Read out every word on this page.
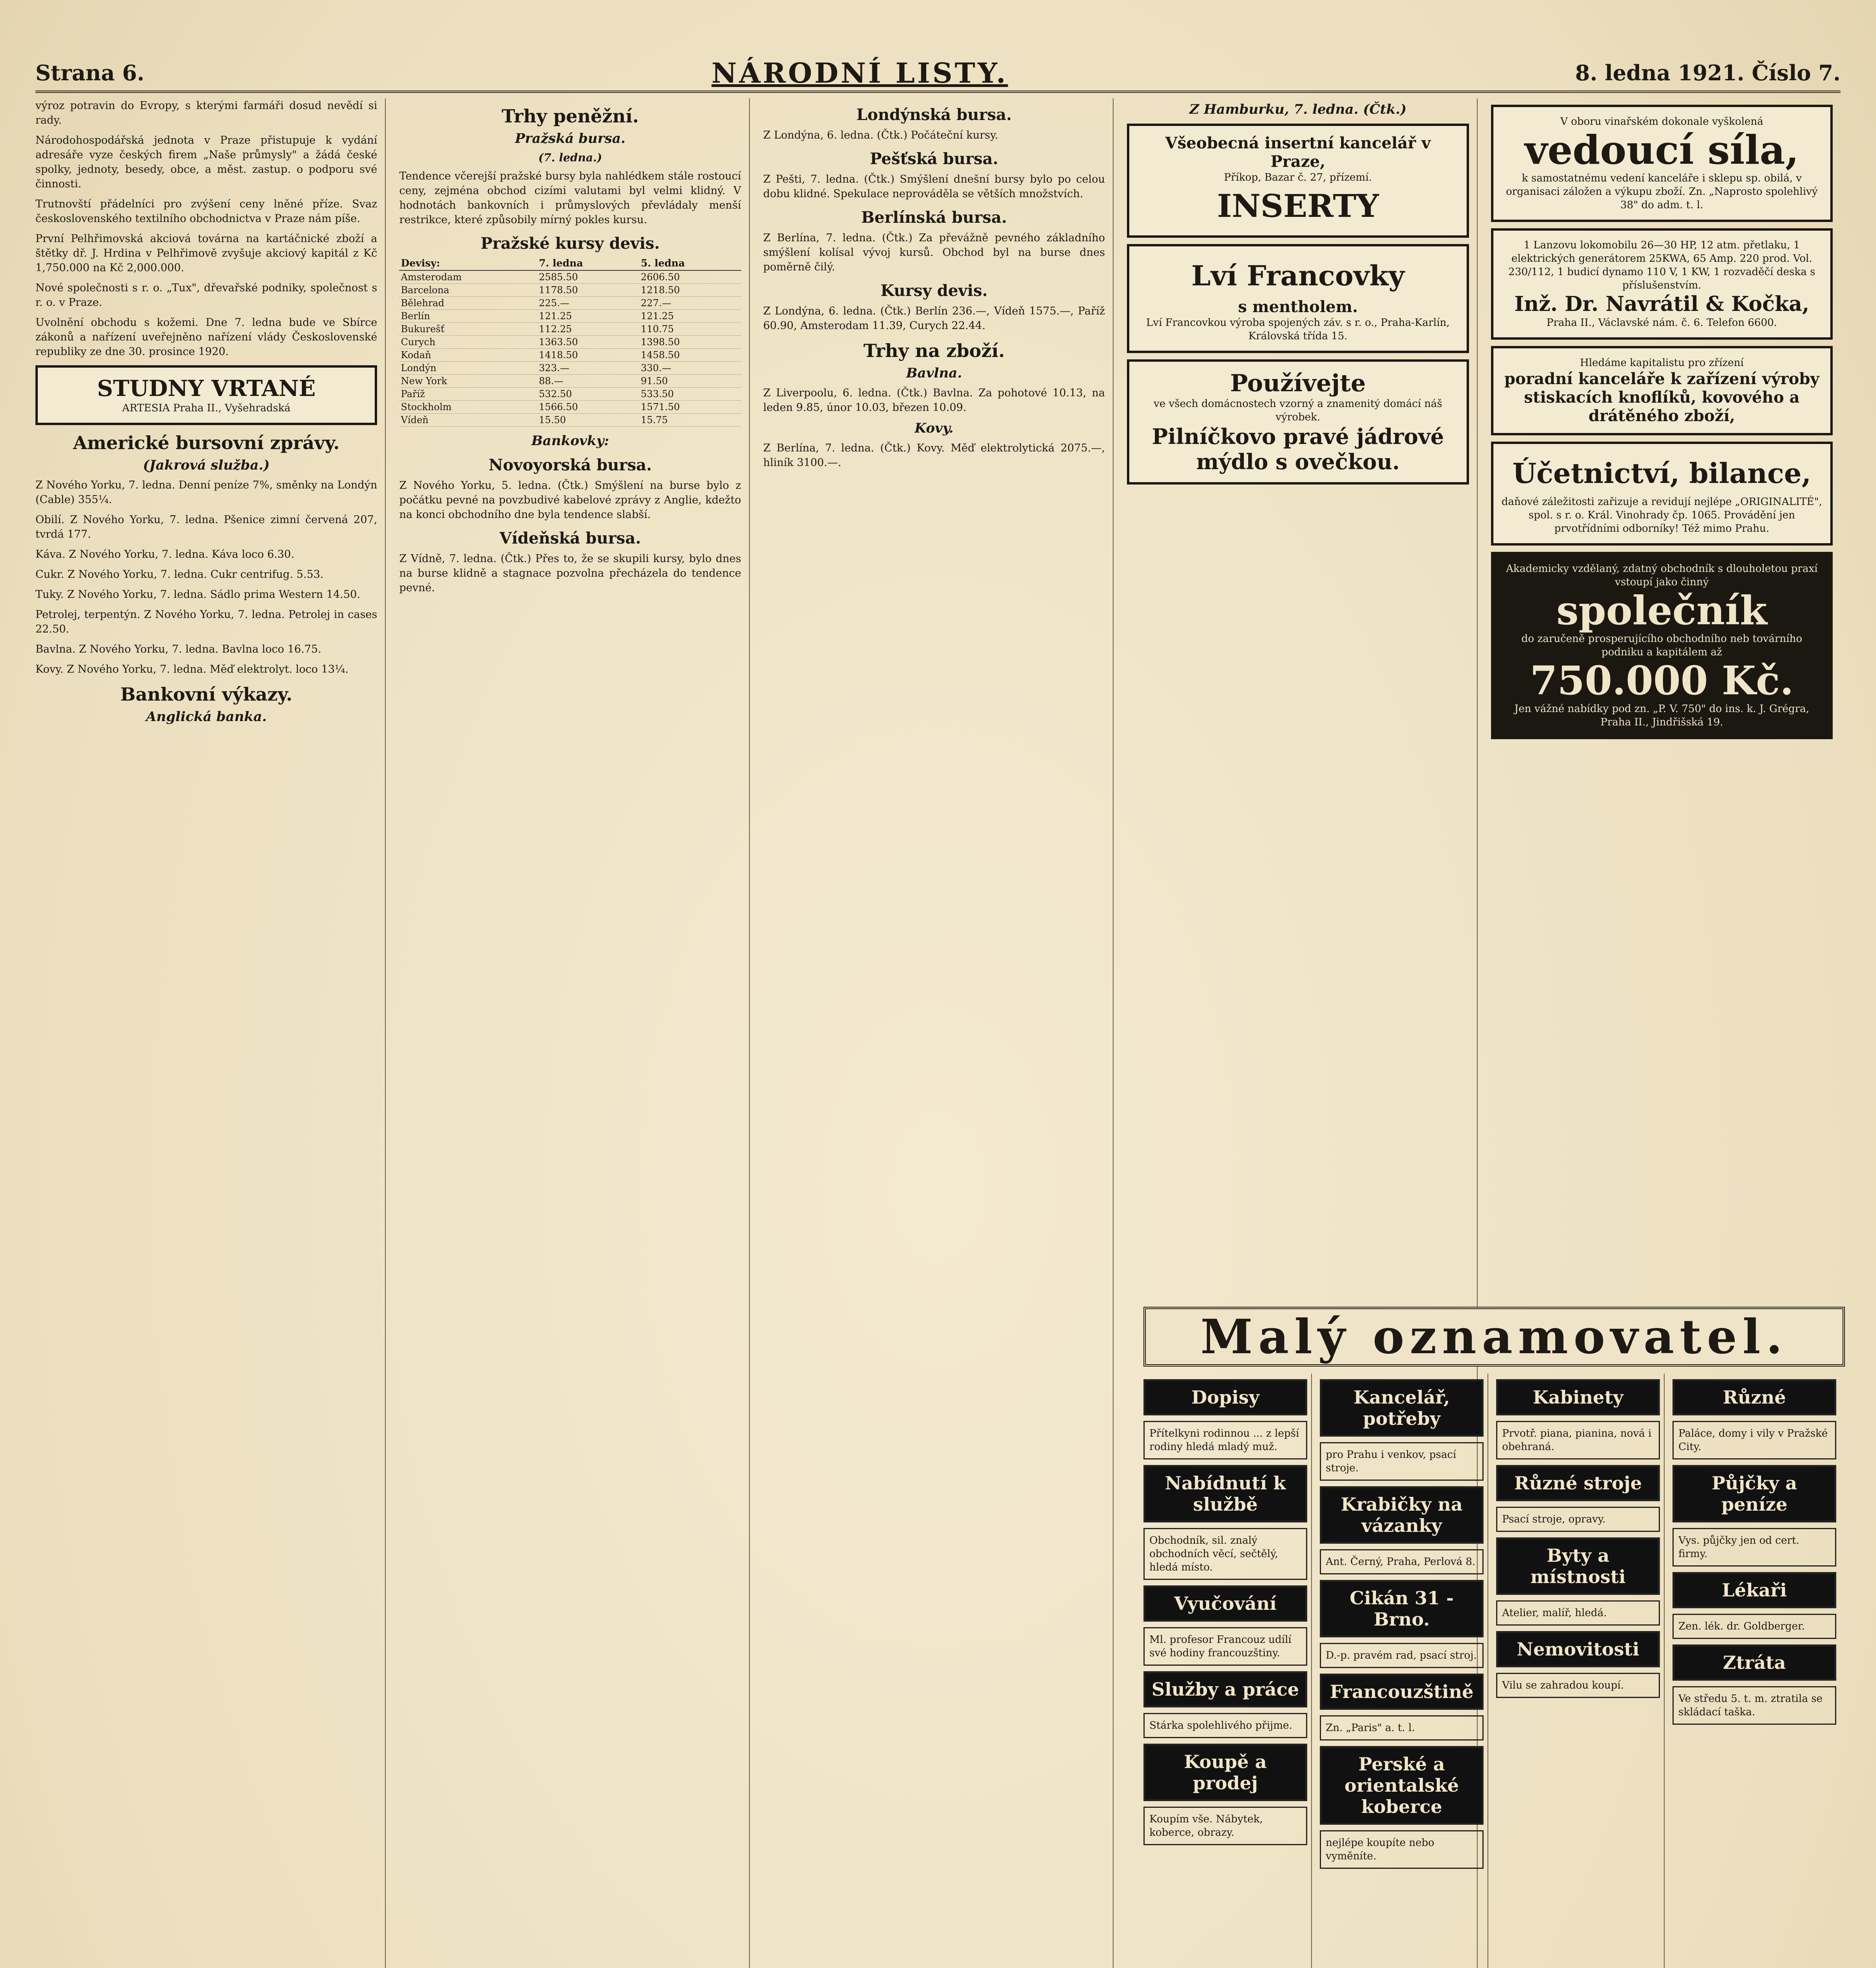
Strana 6.	NÁRODNÍ LISTY.	8. ledna 1921. Číslo 7.

výroz potravin do Evropy, s kterými farmáři dosud nevědí si rady.

Národohospodářská jednota v Praze přistupuje k vydání adresáře vyze českých firem „Naše průmysly" a žádá české spolky, jednoty, besedy, obce, a měst. zastup. o podporu své činnosti.

Trutnovští přádelníci pro zvýšení ceny lněné příze. Svaz československého textilního obchodnictva v Praze nám píše.

První Pelhřimovská akciová továrna na kartáčnické zboží a štětky dř. J. Hrdina v Pelhřimově zvyšuje akciový kapitál z Kč 1,750.000 na Kč 2,000.000.

Nové společnosti s r. o. „Tux", dřevařské podniky, společnost s r. o. v Praze.

Uvolnění obchodu s kožemi. Dne 7. ledna bude ve Sbírce zákonů a nařízení uveřejněno nařízení vlády Československé republiky ze dne 30. prosince 1920.

STUDNY VRTANÉ
ARTESIA Praha II., Vyšehradská
Americké bursovní zprávy.
(Jakrová služba.)

Z Nového Yorku, 7. ledna. Denní peníze 7%, směnky na Londýn (Cable) 355¼.

Obilí. Z Nového Yorku, 7. ledna. Pšenice zimní červená 207, tvrdá 177.

Káva. Z Nového Yorku, 7. ledna. Káva loco 6.30.

Cukr. Z Nového Yorku, 7. ledna. Cukr centrifug. 5.53.

Tuky. Z Nového Yorku, 7. ledna. Sádlo prima Western 14.50.

Petrolej, terpentýn. Z Nového Yorku, 7. ledna. Petrolej in cases 22.50.

Bavlna. Z Nového Yorku, 7. ledna. Bavlna loco 16.75.

Kovy. Z Nového Yorku, 7. ledna. Měď elektrolyt. loco 13¼.

Bankovní výkazy.
Anglická banka.
Trhy peněžní.
Pražská bursa.
(7. ledna.)

Tendence včerejší pražské bursy byla nahlédkem stále rostoucí ceny, zejména obchod cizími valutami byl velmi klidný. V hodnotách bankovních i průmyslových převládaly menší restrikce, které způsobily mírný pokles kursu.

Pražské kursy devis.
Devisy:	7. ledna	5. ledna
Amsterodam	2585.50	2606.50
Barcelona	1178.50	1218.50
Bělehrad	225.—	227.—
Berlín	121.25	121.25
Bukurešť	112.25	110.75
Curych	1363.50	1398.50
Kodaň	1418.50	1458.50
Londýn	323.—	330.—
New York	88.—	91.50
Paříž	532.50	533.50
Stockholm	1566.50	1571.50
Vídeň	15.50	15.75
Bankovky:
Novoyorská bursa.

Z Nového Yorku, 5. ledna. (Čtk.) Smýšlení na burse bylo z počátku pevné na povzbudivé kabelové zprávy z Anglie, kdežto na konci obchodního dne byla tendence slabší.

Vídeňská bursa.

Z Vídně, 7. ledna. (Čtk.) Přes to, že se skupili kursy, bylo dnes na burse klidně a stagnace pozvolna přecházela do tendence pevné.

Londýnská bursa.

Z Londýna, 6. ledna. (Čtk.) Počáteční kursy.

Pešťská bursa.

Z Pešti, 7. ledna. (Čtk.) Smýšlení dnešní bursy bylo po celou dobu klidné. Spekulace neprováděla se větších množstvích.

Berlínská bursa.

Z Berlína, 7. ledna. (Čtk.) Za převážně pevného základního smýšlení kolísal vývoj kursů. Obchod byl na burse dnes poměrně čilý.

Kursy devis.

Z Londýna, 6. ledna. (Čtk.) Berlín 236.—, Vídeň 1575.—, Paříž 60.90, Amsterodam 11.39, Curych 22.44.

Trhy na zboží.
Bavlna.

Z Liverpoolu, 6. ledna. (Čtk.) Bavlna. Za pohotové 10.13, na leden 9.85, únor 10.03, březen 10.09.

Kovy.

Z Berlína, 7. ledna. (Čtk.) Kovy. Měď elektrolytická 2075.—, hliník 3100.—.

Z Hamburku, 7. ledna. (Čtk.)
Všeobecná insertní kancelář v Praze,
Příkop, Bazar č. 27, přízemí.
INSERTY
Lví Francovky
s mentholem.
Lví Francovkou výroba spojených záv. s r. o., Praha-Karlín, Královská třída 15.
Používejte
ve všech domácnostech vzorný a znamenitý domácí náš výrobek.
Pilníčkovo pravé jádrové mýdlo s ovečkou.
V oboru vinařském dokonale vyškolená
vedoucí síla,
k samostatnému vedení kanceláře i sklepu sp. obilá, v organisaci záložen a výkupu zboží. Zn. „Naprosto spolehlivý 38" do adm. t. l.
1 Lanzovu lokomobilu 26—30 HP, 12 atm. přetlaku, 1 elektrických generátorem 25KWA, 65 Amp. 220 prod. Vol. 230/112, 1 budicí dynamo 110 V, 1 KW, 1 rozvaděčí deska s příslušenstvím.
Inž. Dr. Navrátil & Kočka,
Praha II., Václavské nám. č. 6. Telefon 6600.
Hledáme kapitalistu pro zřízení
poradní kanceláře k zařízení výroby stiskacích knoflíků, kovového a drátěného zboží,
Účetnictví, bilance,
daňové záležitosti zařizuje a revidují nejlépe „ORIGINALITÉ", spol. s r. o. Král. Vinohrady čp. 1065. Provádění jen prvotřídními odborníky! Též mimo Prahu.
Akademicky vzdělaný, zdatný obchodník s dlouholetou praxí vstoupí jako činný
společník
do zaručeně prosperujícího obchodního neb továrního podniku a kapitálem až
750.000 Kč.
Jen vážné nabídky pod zn. „P. V. 750" do ins. k. J. Grégra, Praha II., Jindřišská 19.
Malý oznamovatel.
Dopisy
Přítelkyni rodinnou ... z lepší rodiny hledá mladý muž.
Nabídnutí k službě
Obchodník, sil. znalý obchodních věcí, sečtělý, hledá místo.
Vyučování
Ml. profesor Francouz udílí své hodiny francouzštiny.
Služby a práce
Stárka spolehlivého přijme.
Koupě a prodej
Koupím vše. Nábytek, koberce, obrazy.
Kancelář, potřeby
pro Prahu i venkov, psací stroje.
Krabičky na vázanky
Ant. Černý, Praha, Perlová 8.
Cikán 31 - Brno.
D.-p. pravém rad, psací stroj.
Francouzštině
Zn. „Paris" a. t. l.
Perské a orientalské koberce
nejlépe koupíte nebo vyměníte.
Kabinety
Prvotř. piana, pianina, nová i obehraná.
Různé stroje
Psací stroje, opravy.
Byty a místnosti
Atelier, malíř, hledá.
Nemovitosti
Vilu se zahradou koupí.
Různé
Paláce, domy i vily v Pražské City.
Půjčky a peníze
Vys. půjčky jen od cert. firmy.
Lékaři
Zen. lék. dr. Goldberger.
Ztráta
Ve středu 5. t. m. ztratila se skládací taška.
